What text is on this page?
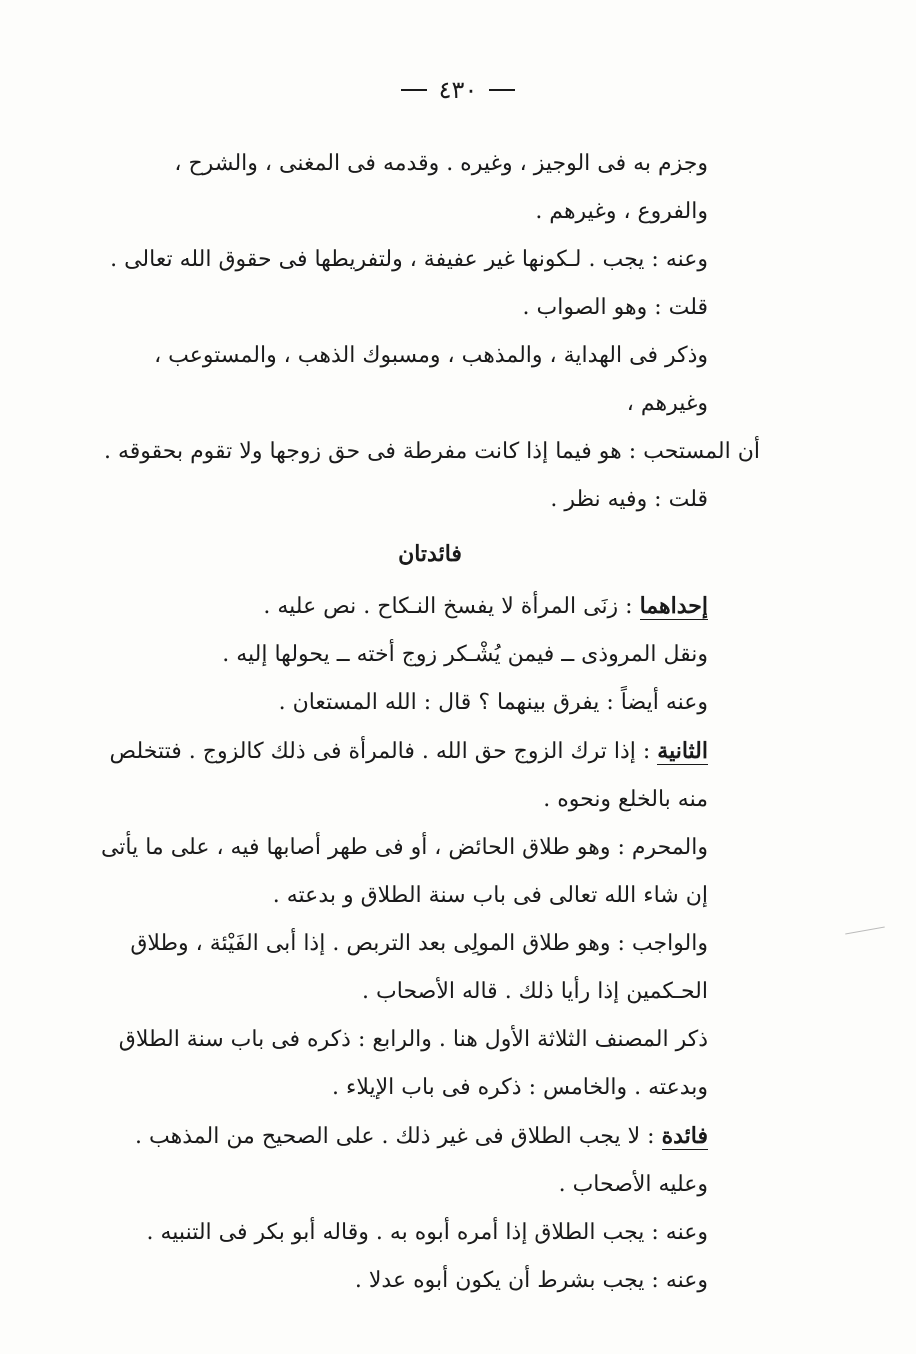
٤٣٠

وجزم به فى الوجيز ، وغيره . وقدمه فى المغنى ، والشرح ، والفروع ، وغيرهم .

وعنه : يجب . لـكونها غير عفيفة ، ولتفريطها فى حقوق الله تعالى .

قلت : وهو الصواب .

وذكر فى الهداية ، والمذهب ، ومسبوك الذهب ، والمستوعب ، وغيرهم ،

أن المستحب : هو فيما إذا كانت مفرطة فى حق زوجها ولا تقوم بحقوقه .

قلت : وفيه نظر .

فائدتان

إحداهما : زنَى المرأة لا يفسخ النـكاح . نص عليه .

ونقل المروذى ــ فيمن يُشْـكر زوج أخته ــ يحولها إليه .

وعنه أيضاً : يفرق بينهما ؟ قال : الله المستعان .

الثانية : إذا ترك الزوج حق الله . فالمرأة فى ذلك كالزوج . فتتخلص منه بالخلع ونحوه .

والمحرم : وهو طلاق الحائض ، أو فى طهر أصابها فيه ، على ما يأتى إن شاء الله تعالى فى باب سنة الطلاق و بدعته .

والواجب : وهو طلاق المولِى بعد التربص . إذا أبى الفَيْئة ، وطلاق الحـكمين إذا رأيا ذلك . قاله الأصحاب .

ذكر المصنف الثلاثة الأول هنا . والرابع : ذكره فى باب سنة الطلاق وبدعته . والخامس : ذكره فى باب الإيلاء .

فائدة : لا يجب الطلاق فى غير ذلك . على الصحيح من المذهب . وعليه الأصحاب .

وعنه : يجب الطلاق إذا أمره أبوه به . وقاله أبو بكر فى التنبيه .

وعنه : يجب بشرط أن يكون أبوه عدلا .
